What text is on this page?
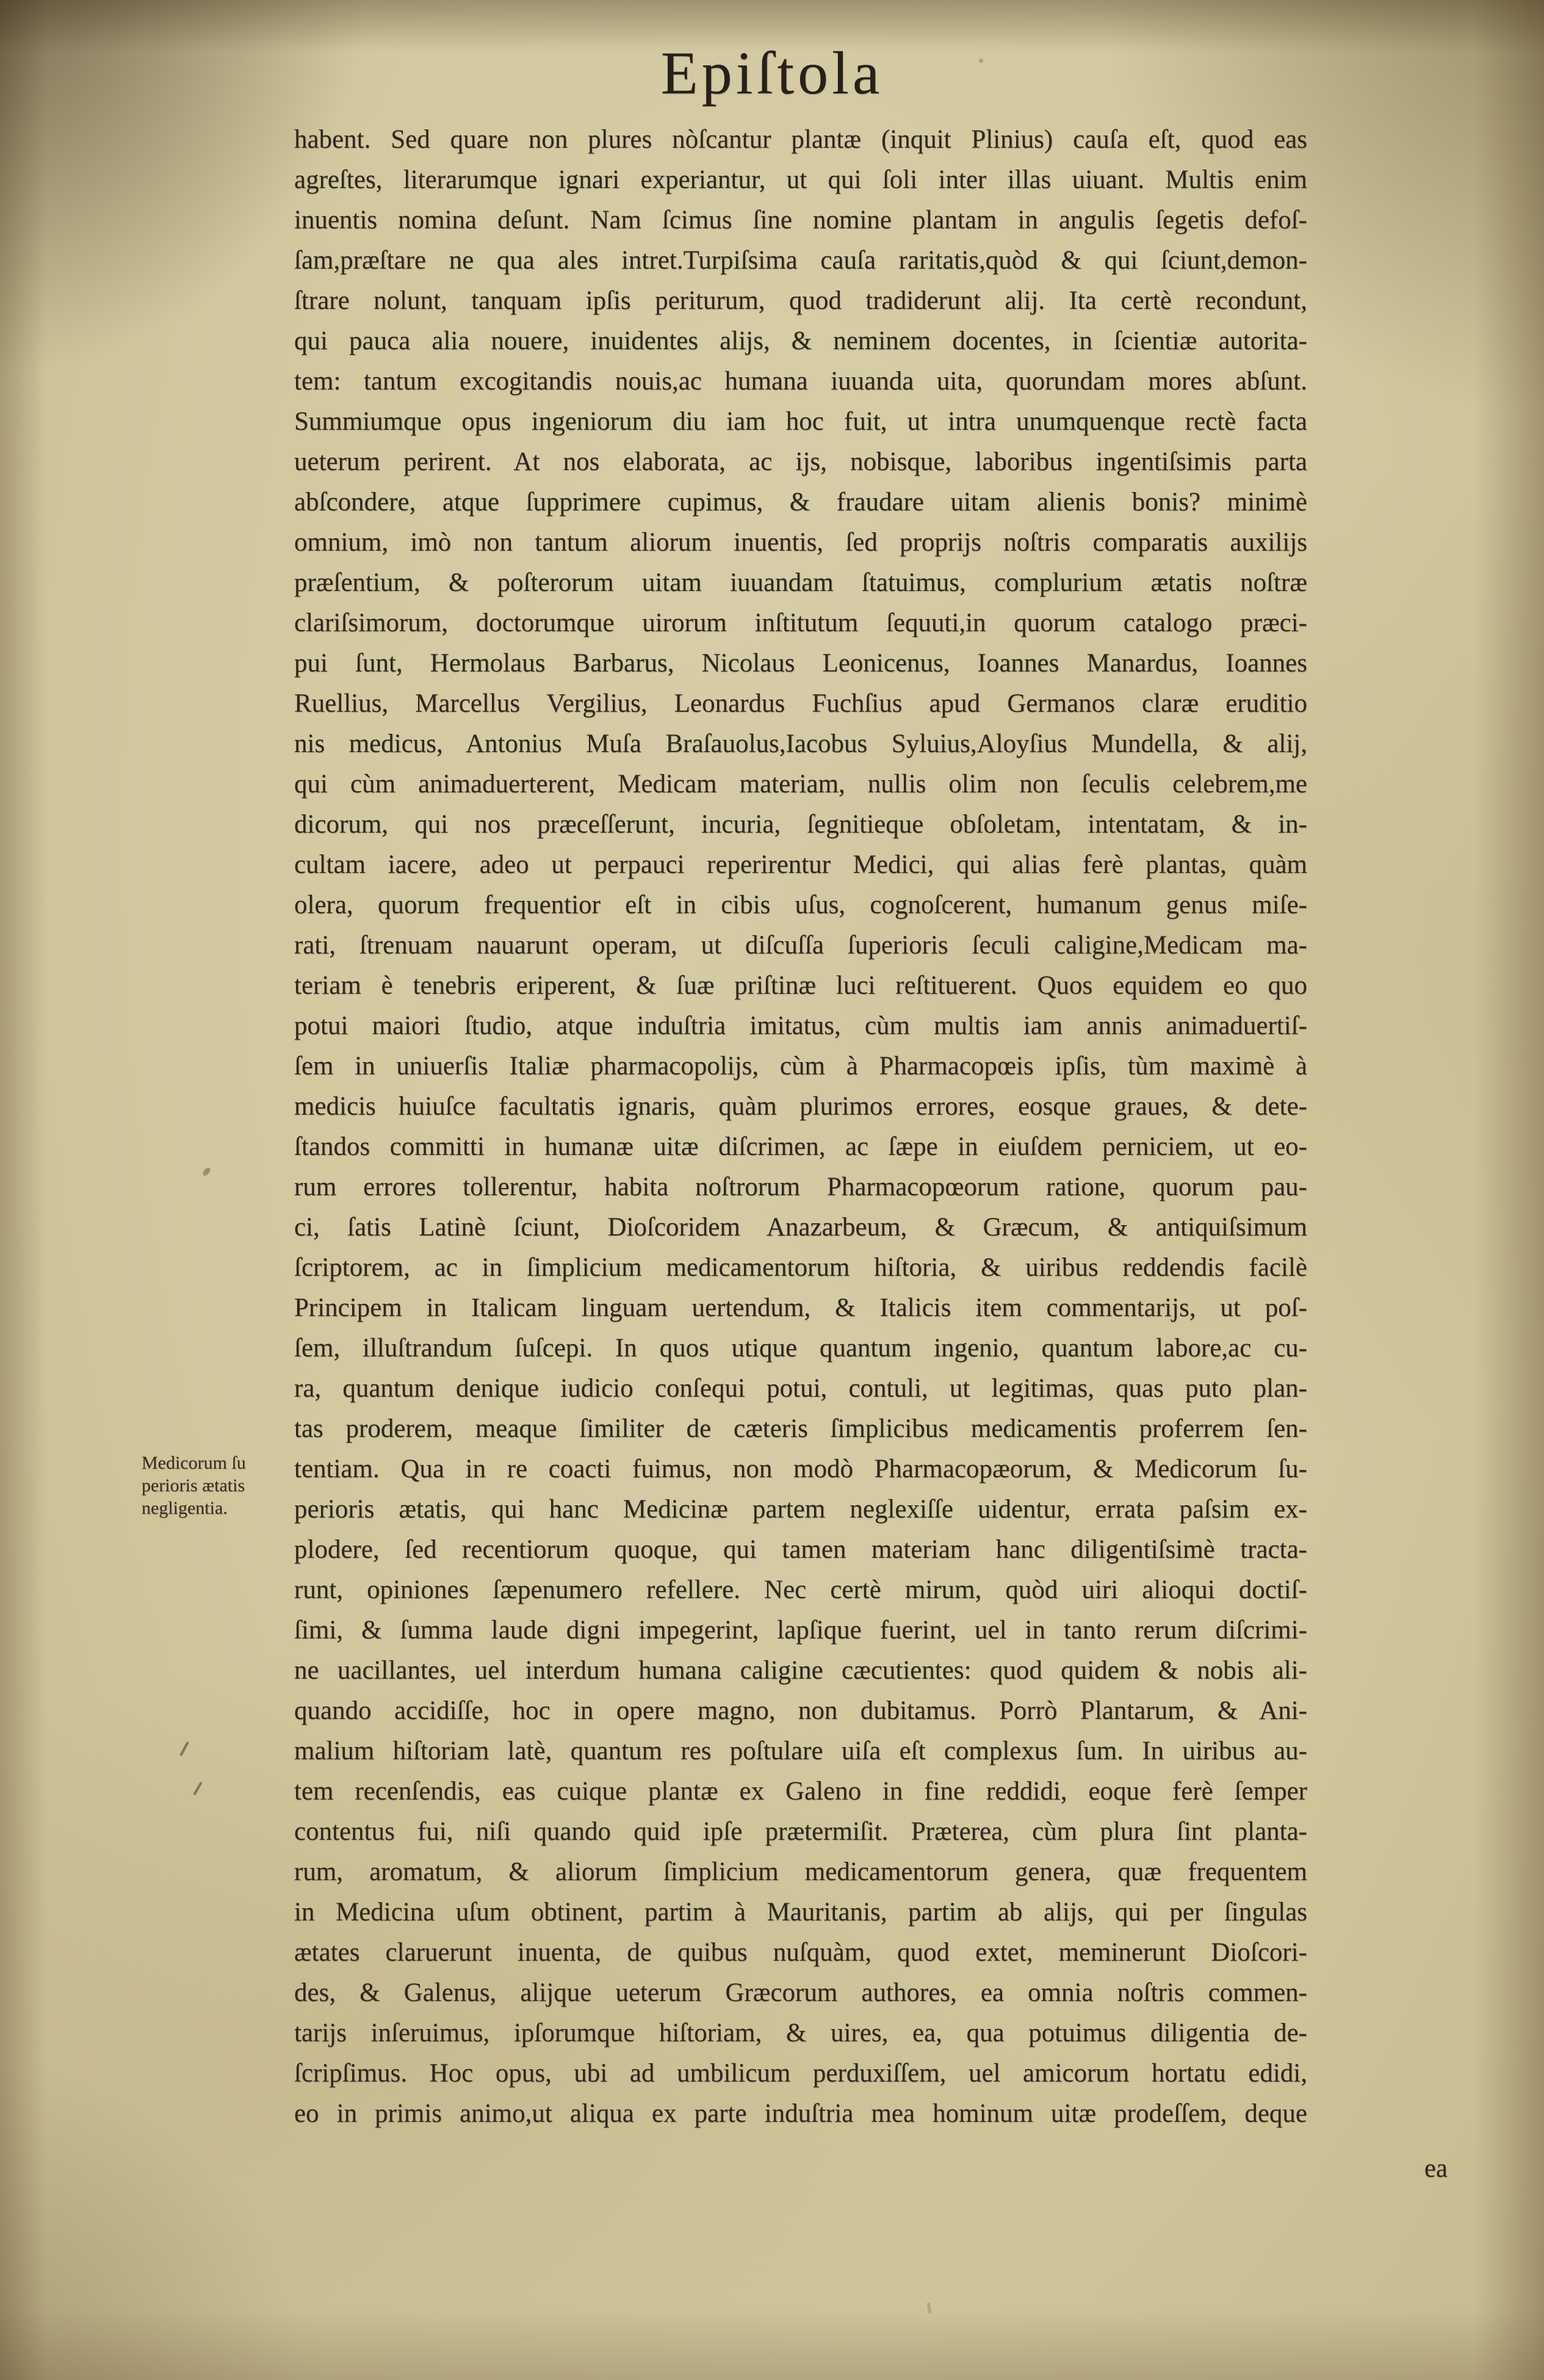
Epiſtola
Medicorum ſu
perioris ætatis
negligentia.
habent. Sed quare non plures nòſcantur plantæ (inquit Plinius) cauſa eſt, quod eas
agreſtes, literarumque ignari experiantur, ut qui ſoli inter illas uiuant. Multis enim
inuentis nomina deſunt. Nam ſcimus ſine nomine plantam in angulis ſegetis defoſ-
ſam,præſtare ne qua ales intret.Turpiſsima cauſa raritatis,quòd & qui ſciunt,demon-
ſtrare nolunt, tanquam ipſis periturum, quod tradiderunt alij. Ita certè recondunt,
qui pauca alia nouere, inuidentes alijs, & neminem docentes, in ſcientiæ autorita-
tem: tantum excogitandis nouis,ac humana iuuanda uita, quorundam mores abſunt.
Summiumque opus ingeniorum diu iam hoc fuit, ut intra unumquenque rectè facta
ueterum perirent. At nos elaborata, ac ijs, nobisque, laboribus ingentiſsimis parta
abſcondere, atque ſupprimere cupimus, & fraudare uitam alienis bonis? minimè
omnium, imò non tantum aliorum inuentis, ſed proprijs noſtris comparatis auxilijs
præſentium, & poſterorum uitam iuuandam ſtatuimus, complurium ætatis noſtræ
clariſsimorum, doctorumque uirorum inſtitutum ſequuti,in quorum catalogo præci-
pui ſunt, Hermolaus Barbarus, Nicolaus Leonicenus, Ioannes Manardus, Ioannes
Ruellius, Marcellus Vergilius, Leonardus Fuchſius apud Germanos claræ eruditio
nis medicus, Antonius Muſa Braſauolus,Iacobus Syluius,Aloyſius Mundella, & alij,
qui cùm animaduerterent, Medicam materiam, nullis olim non ſeculis celebrem,me
dicorum, qui nos præceſſerunt, incuria, ſegnitieque obſoletam, intentatam, & in-
cultam iacere, adeo ut perpauci reperirentur Medici, qui alias ferè plantas, quàm
olera, quorum frequentior eſt in cibis uſus, cognoſcerent, humanum genus miſe-
rati, ſtrenuam nauarunt operam, ut diſcuſſa ſuperioris ſeculi caligine,Medicam ma-
teriam è tenebris eriperent, & ſuæ priſtinæ luci reſtituerent. Quos equidem eo quo
potui maiori ſtudio, atque induſtria imitatus, cùm multis iam annis animaduertiſ-
ſem in uniuerſis Italiæ pharmacopolijs, cùm à Pharmacopœis ipſis, tùm maximè à
medicis huiuſce facultatis ignaris, quàm plurimos errores, eosque graues, & dete-
ſtandos committi in humanæ uitæ diſcrimen, ac ſæpe in eiuſdem perniciem, ut eo-
rum errores tollerentur, habita noſtrorum Pharmacopœorum ratione, quorum pau-
ci, ſatis Latinè ſciunt, Dioſcoridem Anazarbeum, & Græcum, & antiquiſsimum
ſcriptorem, ac in ſimplicium medicamentorum hiſtoria, & uiribus reddendis facilè
Principem in Italicam linguam uertendum, & Italicis item commentarijs, ut poſ-
ſem, illuſtrandum ſuſcepi. In quos utique quantum ingenio, quantum labore,ac cu-
ra, quantum denique iudicio conſequi potui, contuli, ut legitimas, quas puto plan-
tas proderem, meaque ſimiliter de cæteris ſimplicibus medicamentis proferrem ſen-
tentiam. Qua in re coacti fuimus, non modò Pharmacopæorum, & Medicorum ſu-
perioris ætatis, qui hanc Medicinæ partem neglexiſſe uidentur, errata paſsim ex-
plodere, ſed recentiorum quoque, qui tamen materiam hanc diligentiſsimè tracta-
runt, opiniones ſæpenumero refellere. Nec certè mirum, quòd uiri alioqui doctiſ-
ſimi, & ſumma laude digni impegerint, lapſique fuerint, uel in tanto rerum diſcrimi-
ne uacillantes, uel interdum humana caligine cæcutientes: quod quidem & nobis ali-
quando accidiſſe, hoc in opere magno, non dubitamus. Porrò Plantarum, & Ani-
malium hiſtoriam latè, quantum res poſtulare uiſa eſt complexus ſum. In uiribus au-
tem recenſendis, eas cuique plantæ ex Galeno in fine reddidi, eoque ferè ſemper
contentus fui, niſi quando quid ipſe prætermiſit. Præterea, cùm plura ſint planta-
rum, aromatum, & aliorum ſimplicium medicamentorum genera, quæ frequentem
in Medicina uſum obtinent, partim à Mauritanis, partim ab alijs, qui per ſingulas
ætates claruerunt inuenta, de quibus nuſquàm, quod extet, meminerunt Dioſcori-
des, & Galenus, alijque ueterum Græcorum authores, ea omnia noſtris commen-
tarijs inſeruimus, ipſorumque hiſtoriam, & uires, ea, qua potuimus diligentia de-
ſcripſimus. Hoc opus, ubi ad umbilicum perduxiſſem, uel amicorum hortatu edidi,
eo in primis animo,ut aliqua ex parte induſtria mea hominum uitæ prodeſſem, deque
ea
